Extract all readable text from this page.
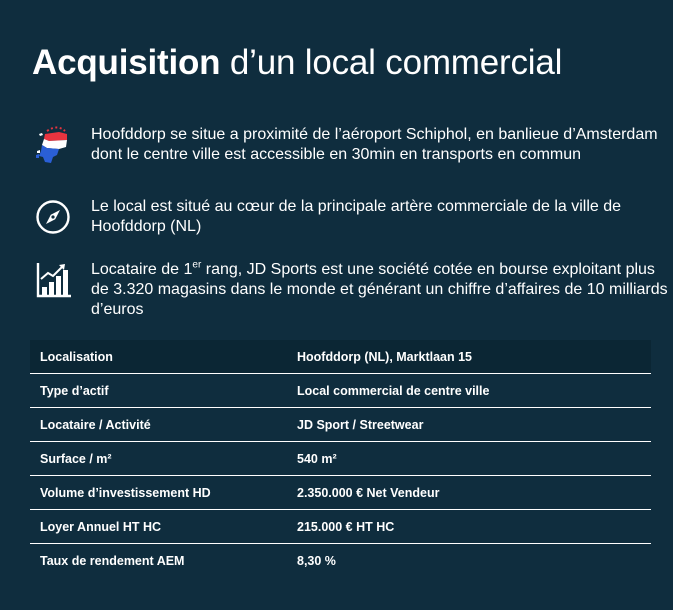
Acquisition d’un local commercial
Hoofddorp se situe a proximité de l’aéroport Schiphol, en banlieue d’Amsterdam dont le centre ville est accessible en 30min en transports en commun
Le local est situé au cœur de la principale artère commerciale de la ville de Hoofddorp (NL)
Locataire de 1er rang, JD Sports est une société cotée en bourse exploitant plus de 3.320 magasins dans le monde et générant un chiffre d’affaires de 10 milliards d’euros
Localisation	Hoofddorp (NL), Marktlaan 15
Type d’actif	Local commercial de centre ville
Locataire / Activité	JD Sport / Streetwear
Surface / m²	540 m²
Volume d’investissement HD	2.350.000 € Net Vendeur
Loyer Annuel HT HC	215.000 € HT HC
Taux de rendement AEM	8,30 %
